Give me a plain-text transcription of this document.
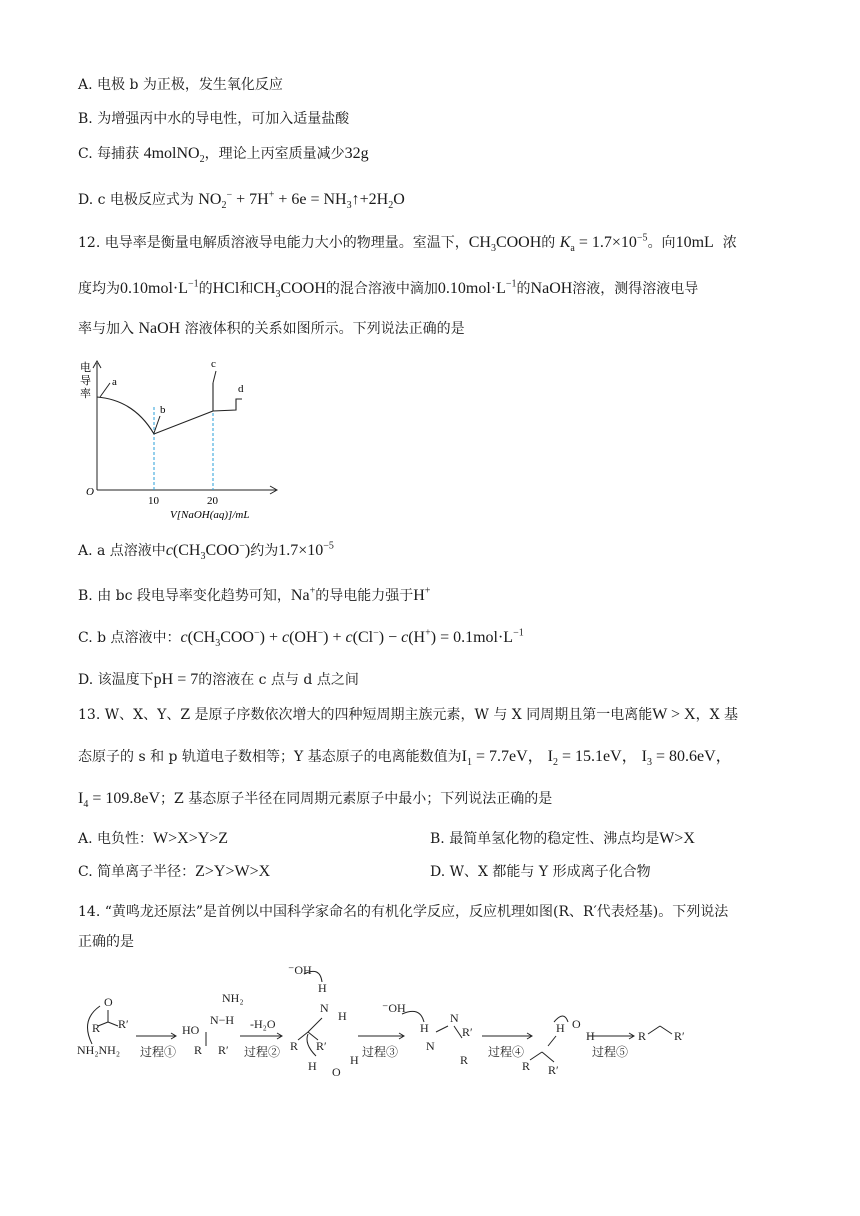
A. 电极 b 为正极，发生氧化反应
B. 为增强丙中水的导电性，可加入适量盐酸
C. 每捕获 4molNO$_2$，理论上丙室质量减少32g
D. c 电极反应式为 $NO_2^- + 7H^+ + 6e$ = $NH_3↑+2H_2O$
12. 电导率是衡量电解质溶液导电能力大小的物理量。室温下，$CH_3COOH$的 $K_a = 1.7\times 10^{-5}$。向10mL 浓
度均为$0.10mol\cdot L^{-1}$的HCl和$CH_3COOH$的混合溶液中滴加$0.10mol\cdot L^{-1}$的NaOH溶液，测得溶液电导
率与加入 NaOH 溶液体积的关系如图所示。下列说法正确的是
电
导
率
O
10	20
V[NaOH(aq)]/mL
a
b
c
d
A. a 点溶液中$c(CH_3COO^-)$约为$1.7\times 10^{-5}$
B. 由 bc 段电导率变化趋势可知，Na+的导电能力强于H+
C. b 点溶液中：$c(CH_3COO^-) + c(OH^-) + c(Cl^-) - c(H^+) = 0.1mol\cdot L^{-1}$
D. 该温度下pH = 7的溶液在 c 点与 d 点之间
13. W、X、Y、Z 是原子序数依次增大的四种短周期主族元素，W 与 X 同周期且第一电离能W > X，X 基
态原子的 s 和 p 轨道电子数相等；Y 基态原子的电离能数值为$I_1 = 7.7eV$， $I_2 = 15.1eV$， $I_3 = 80.6eV$，
$I_4 = 109.8eV$；Z 基态原子半径在同周期元素原子中最小；下列说法正确的是
A. 电负性：W>X>Y>Z	B. 最简单氢化物的稳定性、沸点均是W>X
C. 简单离子半径：Z>Y>W>X	D. W、X 都能与 Y 形成离子化合物
14. “黄鸣龙还原法”是首例以中国科学家命名的有机化学反应，反应机理如图(R、R′代表烃基)。下列说法
正确的是
O
R R′
NH₂NH₂
HO
NH₂
N−H
R R′
⁻OH
H
N
H
R R′
H O
H
⁻OH
H
N
R′
R
N
H O
H
R R′
R R′
过程①
-H₂O
过程②	过程③	过程④	过程⑤
